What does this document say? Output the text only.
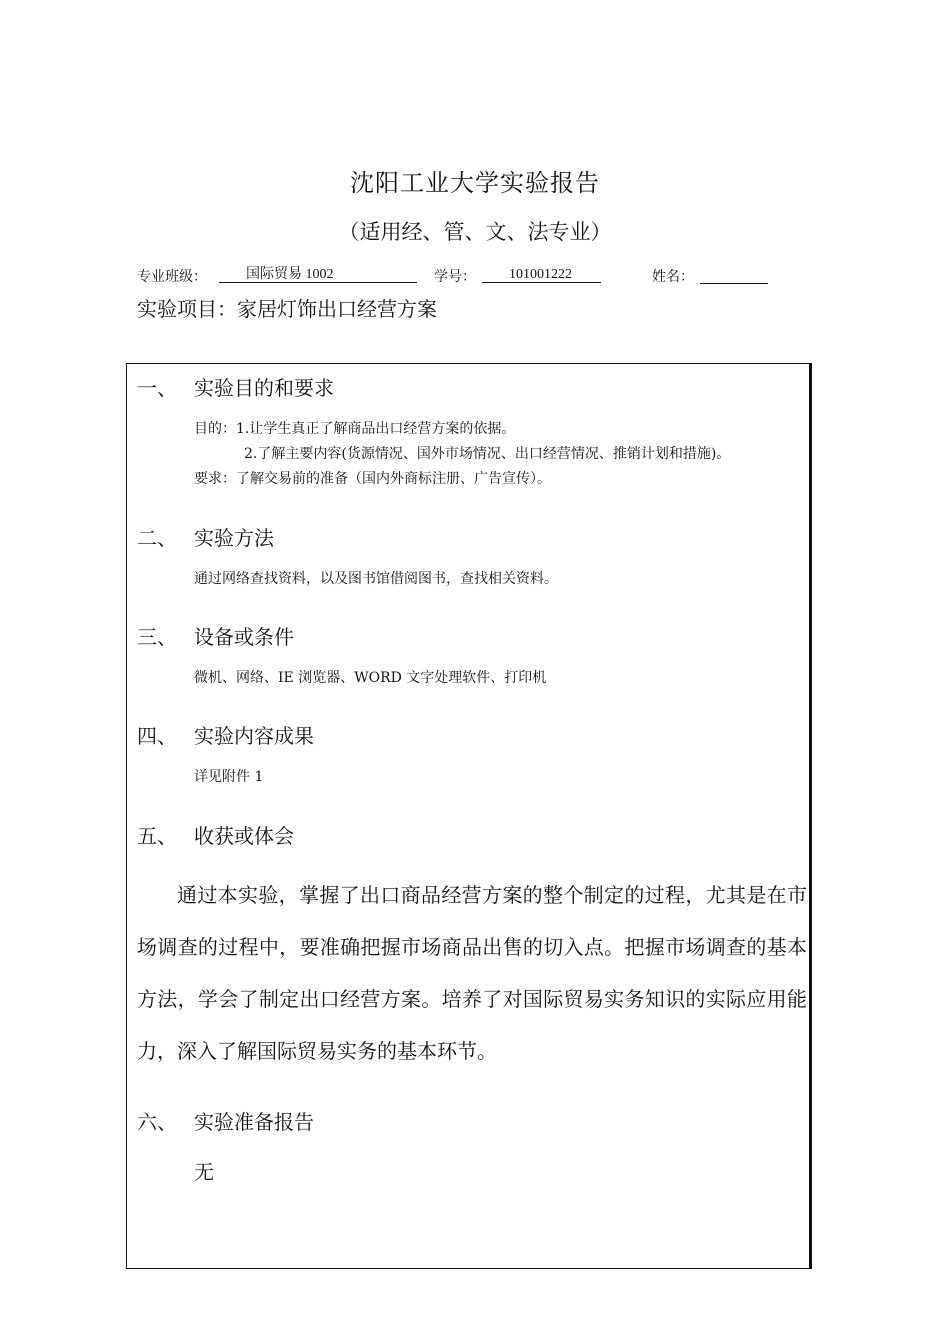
沈阳工业大学实验报告
（适用经、管、文、法专业）
专业班级：	国际贸易 1002	学号：	101001222	姓名：
实验项目：家居灯饰出口经营方案
一、 实验目的和要求
目的：1.让学生真正了解商品出口经营方案的依据。
2.了解主要内容(货源情况、国外市场情况、出口经营情况、推销计划和措施)。
要求：了解交易前的准备（国内外商标注册、广告宣传）。
二、 实验方法
通过网络查找资料，以及图书馆借阅图书，查找相关资料。
三、 设备或条件
微机、网络、IE 浏览器、WORD 文字处理软件、打印机
四、 实验内容成果
详见附件 1
五、 收获或体会
通过本实验，掌握了出口商品经营方案的整个制定的过程，尤其是在市场调查的过程中，要准确把握市场商品出售的切入点。把握市场调查的基本方法，学会了制定出口经营方案。培养了对国际贸易实务知识的实际应用能力，深入了解国际贸易实务的基本环节。
六、 实验准备报告
无
